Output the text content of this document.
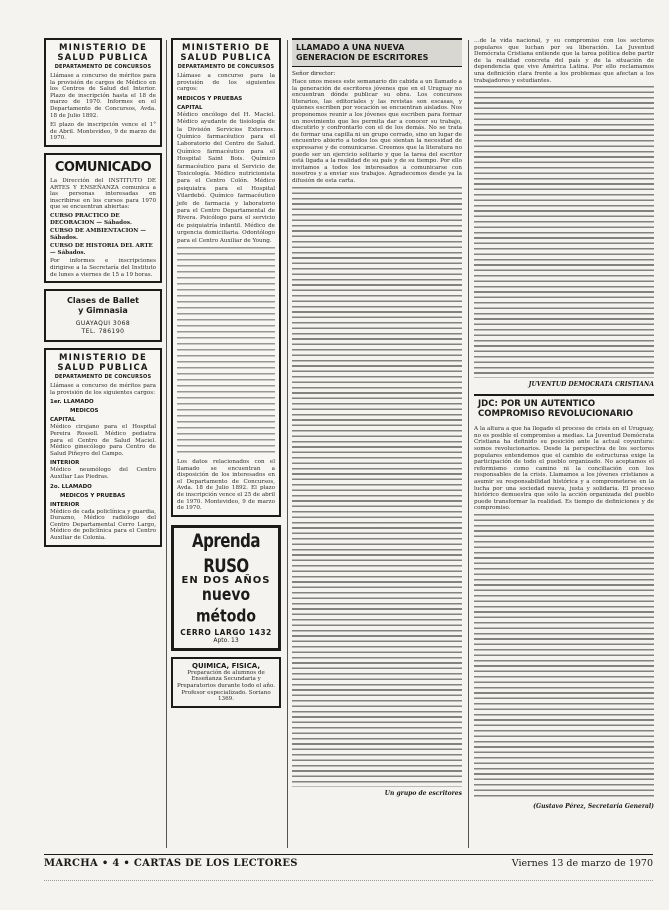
MINISTERIO DE
SALUD PUBLICA
DEPARTAMENTO DE CONCURSOS
Llámase a concurso de méritos para la provisión de cargos de Médico en los Centros de Salud del Interior. Plazo de inscripción hasta el 18 de marzo de 1970. Informes en el Departamento de Concursos, Avda. 18 de Julio 1892.
El plazo de inscripción vence el 1° de Abril. Montevideo, 9 de marzo de 1970.
COMUNICADO
La Dirección del INSTITUTO DE ARTES Y ENSEÑANZA comunica a las personas interesadas en inscribirse en los cursos para 1970 que se encuentran abiertas:
CURSO PRACTICO DE DECORACION — Sábados.
CURSO DE AMBIENTACION — Sábados.
CURSO DE HISTORIA DEL ARTE — Sábados.
Por informes e inscripciones dirigirse a la Secretaría del Instituto de lunes a viernes de 15 a 19 horas.
Clases de Ballet
y Gimnasia
GUAYAQUI 3068
TEL. 786190
MINISTERIO DE
SALUD PUBLICA
DEPARTAMENTO DE CONCURSOS
Llámase a concurso de méritos para la provisión de los siguientes cargos:
1er. LLAMADO
MEDICOS
CAPITAL
Médico cirujano para el Hospital Pereira Rossell. Médico pediatra para el Centro de Salud Maciel. Médico ginecólogo para Centro de Salud Piñeyro del Campo.
INTERIOR
Médico neumólogo del Centro Auxiliar Las Piedras.
2o. LLAMADO
MEDICOS Y PRUEBAS
INTERIOR
Médico de cada policlínica y guardia, Durazno, Médico radiólogo del Centro Departamental Cerro Largo, Médico de policlínica para el Centro Auxiliar de Colonia.
MINISTERIO DE
SALUD PUBLICA
DEPARTAMENTO DE CONCURSOS
Llámase a concurso para la provisión de los siguientes cargos:
MEDICOS Y PRUEBAS
CAPITAL
Médico oncólogo del H. Maciel. Médico ayudante de tisiología de la División Servicios Externos. Químico farmacéutico para el Laboratorio del Centro de Salud. Químico farmacéutico para el Hospital Saint Bois. Químico farmacéutico para el Servicio de Toxicología. Médico nutricionista para el Centro Colón. Médico psiquiatra para el Hospital Vilardebó. Químico farmacéutico jefe de farmacia y laboratorio para el Centro Departamental de Rivera. Psicólogo para el servicio de psiquiatría infantil. Médico de urgencia domiciliaria. Odontólogo para el Centro Auxiliar de Young.
Los datos relacionados con el llamado se encuentran a disposición de los interesados en el Departamento de Concursos, Avda. 18 de Julio 1892. El plazo de inscripción vence el 25 de abril de 1970. Montevideo, 9 de marzo de 1970.
Aprenda RUSO
EN DOS AÑOS
nuevo método
CERRO LARGO 1432
Apto. 13
QUIMICA, FISICA,
Preparación de alumnos de Enseñanza Secundaria y Preparatorios durante todo el año. Profesor especializado. Soriano 1369.
LLAMADO A UNA NUEVA
GENERACION DE ESCRITORES
Señor director:
Hace unos meses este semanario dio cabida a un llamado a la generación de escritores jóvenes que en el Uruguay no encuentran dónde publicar su obra. Los concursos literarios, las editoriales y las revistas son escasas, y quienes escriben por vocación se encuentran aislados. Nos proponemos reunir a los jóvenes que escriben para formar un movimiento que les permita dar a conocer su trabajo, discutirlo y confrontarlo con el de los demás. No se trata de formar una capilla ni un grupo cerrado, sino un lugar de encuentro abierto a todos los que sientan la necesidad de expresarse y de comunicarse. Creemos que la literatura no puede ser un ejercicio solitario y que la tarea del escritor está ligada a la realidad de su país y de su tiempo. Por ello invitamos a todos los interesados a comunicarse con nosotros y a enviar sus trabajos. Agradecemos desde ya la difusión de esta carta.
Un grupo de escritores
…de la vida nacional, y su compromiso con los sectores populares que luchan por su liberación. La Juventud Demócrata Cristiana entiende que la tarea política debe partir de la realidad concreta del país y de la situación de dependencia que vive América Latina. Por ello reclamamos una definición clara frente a los problemas que afectan a los trabajadores y estudiantes.
JUVENTUD DEMOCRATA CRISTIANA
JDC: POR UN AUTENTICO
COMPROMISO REVOLUCIONARIO
A la altura a que ha llegado el proceso de crisis en el Uruguay, no es posible el compromiso a medias. La Juventud Demócrata Cristiana ha definido su posición ante la actual coyuntura: somos revolucionarios. Desde la perspectiva de los sectores populares entendemos que el cambio de estructuras exige la participación de todo el pueblo organizado. No aceptamos el reformismo como camino ni la conciliación con los responsables de la crisis. Llamamos a los jóvenes cristianos a asumir su responsabilidad histórica y a comprometerse en la lucha por una sociedad nueva, justa y solidaria. El proceso histórico demuestra que sólo la acción organizada del pueblo puede transformar la realidad. Es tiempo de definiciones y de compromiso.
(Gustavo Pérez, Secretaría General)
MARCHA • 4 • CARTAS DE LOS LECTORES	Viernes 13 de marzo de 1970
